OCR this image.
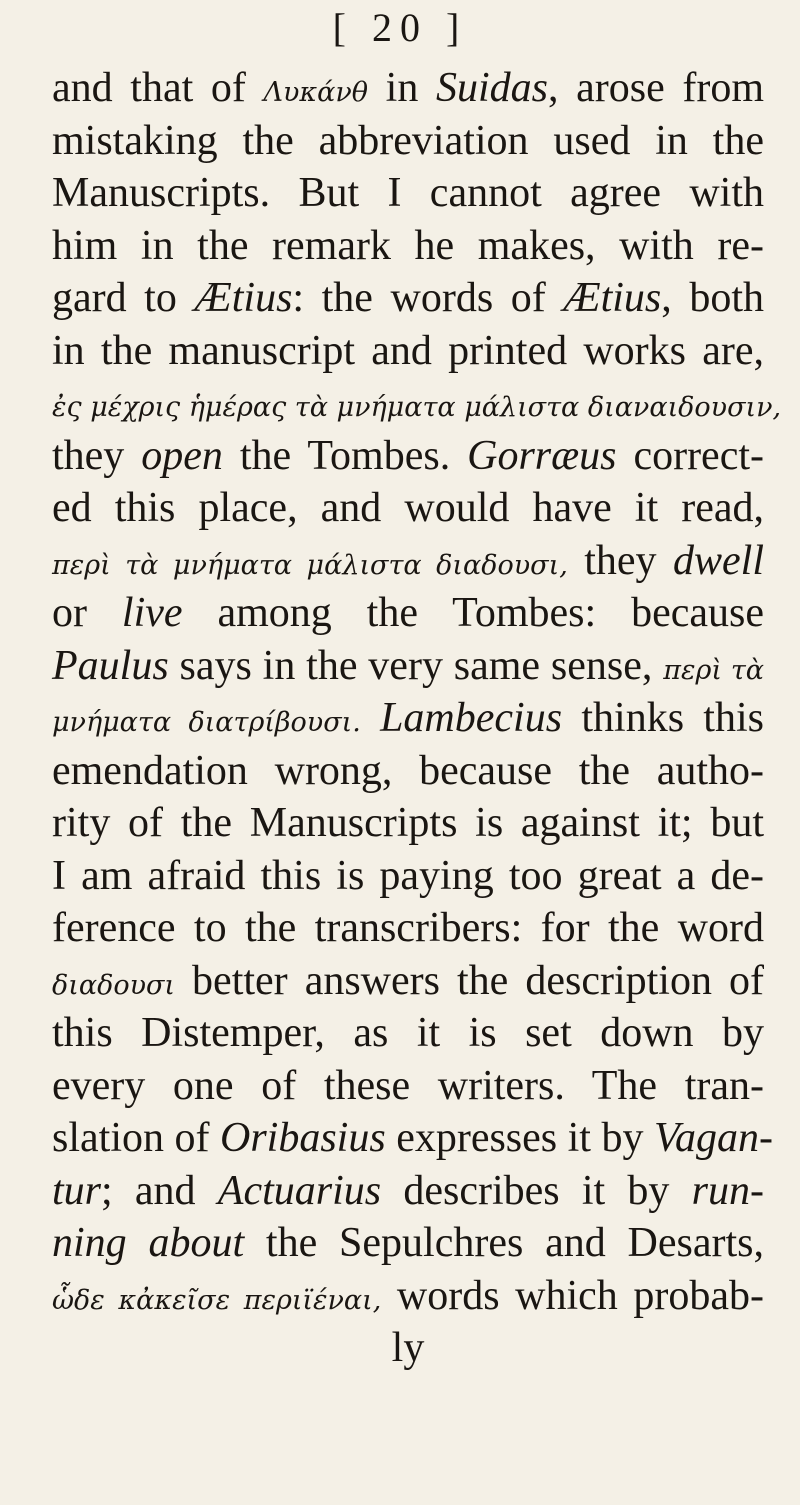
[ 20 ]
and that of Λυκάνθ in Suidas, arose from
mistaking the abbreviation used in the
Manuscripts. But I cannot agree with
him in the remark he makes, with re-
gard to Ætius: the words of Ætius, both
in the manuscript and printed works are,
ἐς μέχρις ἡμέρας τὰ μνήματα μάλιστα διαναιδουσιν,
they open the Tombes. Gorræus correct-
ed this place, and would have it read,
περὶ τὰ μνήματα μάλιστα διαδουσι, they dwell
or live among the Tombes: because
Paulus says in the very same sense, περὶ τὰ
μνήματα διατρίβουσι. Lambecius thinks this
emendation wrong, because the autho-
rity of the Manuscripts is against it; but
I am afraid this is paying too great a de-
ference to the transcribers: for the word
διαδουσι better answers the description of
this Distemper, as it is set down by
every one of these writers. The tran-
slation of Oribasius expresses it by Vagan-
tur; and Actuarius describes it by run-
ning about the Sepulchres and Desarts,
ὧδε κἀκεῖσε περιϊέναι, words which probab-
ly
